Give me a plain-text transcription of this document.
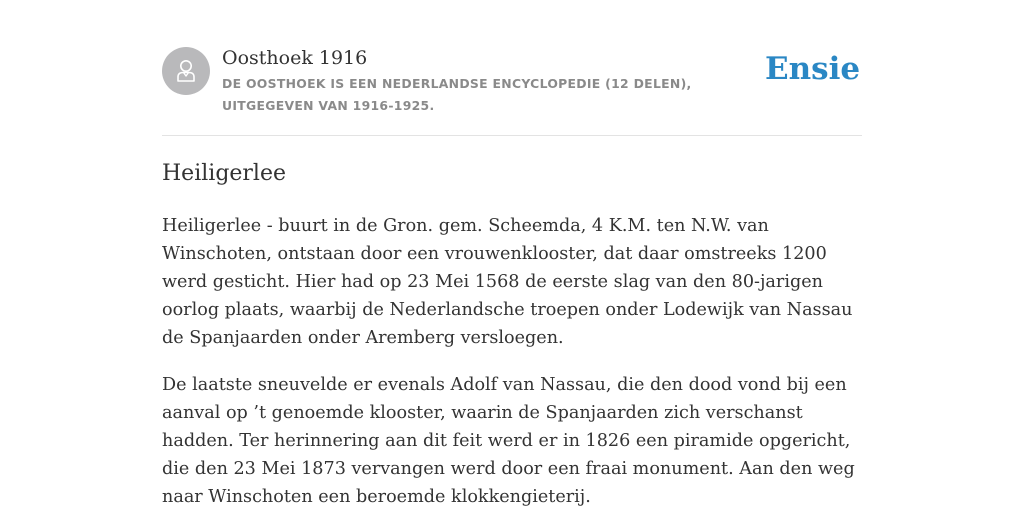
Oosthoek 1916
DE OOSTHOEK IS EEN NEDERLANDSE ENCYCLOPEDIE (12 DELEN), UITGEGEVEN VAN 1916-1925.
Ensie
Heiligerlee

Heiligerlee - buurt in de Gron. gem. Scheemda, 4 K.M. ten N.W. van Winschoten, ontstaan door een vrouwenklooster, dat daar omstreeks 1200 werd gesticht. Hier had op 23 Mei 1568 de eerste slag van den 80-jarigen oorlog plaats, waarbij de Nederlandsche troepen onder Lodewijk van Nassau de Spanjaarden onder Aremberg versloegen.

De laatste sneuvelde er evenals Adolf van Nassau, die den dood vond bij een aanval op ’t genoemde klooster, waarin de Spanjaarden zich verschanst hadden. Ter herinnering aan dit feit werd er in 1826 een piramide opgericht, die den 23 Mei 1873 vervangen werd door een fraai monument. Aan den weg naar Winschoten een beroemde klokkengieterij.
